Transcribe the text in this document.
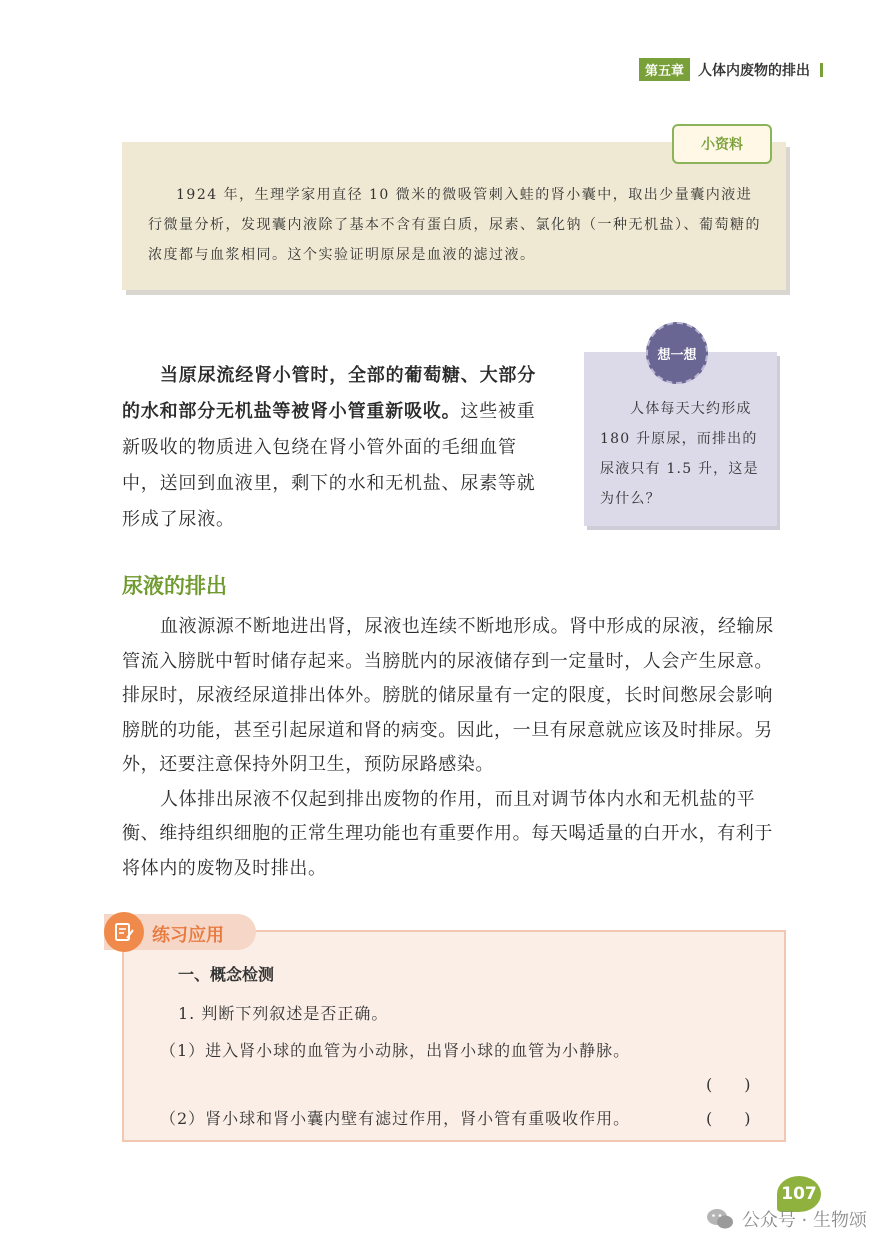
第五章	人体内废物的排出
小资料
1924 年，生理学家用直径 10 微米的微吸管刺入蛙的肾小囊中，取出少量囊内液进行微量分析，发现囊内液除了基本不含有蛋白质，尿素、氯化钠（一种无机盐）、葡萄糖的浓度都与血浆相同。这个实验证明原尿是血液的滤过液。
当原尿流经肾小管时，全部的葡萄糖、大部分的水和部分无机盐等被肾小管重新吸收。这些被重新吸收的物质进入包绕在肾小管外面的毛细血管中，送回到血液里，剩下的水和无机盐、尿素等就形成了尿液。
想一想
人体每天大约形成 180 升原尿，而排出的尿液只有 1.5 升，这是为什么？
尿液的排出

血液源源不断地进出肾，尿液也连续不断地形成。肾中形成的尿液，经输尿管流入膀胱中暂时储存起来。当膀胱内的尿液储存到一定量时，人会产生尿意。排尿时，尿液经尿道排出体外。膀胱的储尿量有一定的限度，长时间憋尿会影响膀胱的功能，甚至引起尿道和肾的病变。因此，一旦有尿意就应该及时排尿。另外，还要注意保持外阴卫生，预防尿路感染。

人体排出尿液不仅起到排出废物的作用，而且对调节体内水和无机盐的平衡、维持组织细胞的正常生理功能也有重要作用。每天喝适量的白开水，有利于将体内的废物及时排出。

练习应用
一、概念检测
1. 判断下列叙述是否正确。
（1）进入肾小球的血管为小动脉，出肾小球的血管为小静脉。
(　　)
（2）肾小球和肾小囊内壁有滤过作用，肾小管有重吸收作用。	(　　)
107
公众号 · 生物颂
